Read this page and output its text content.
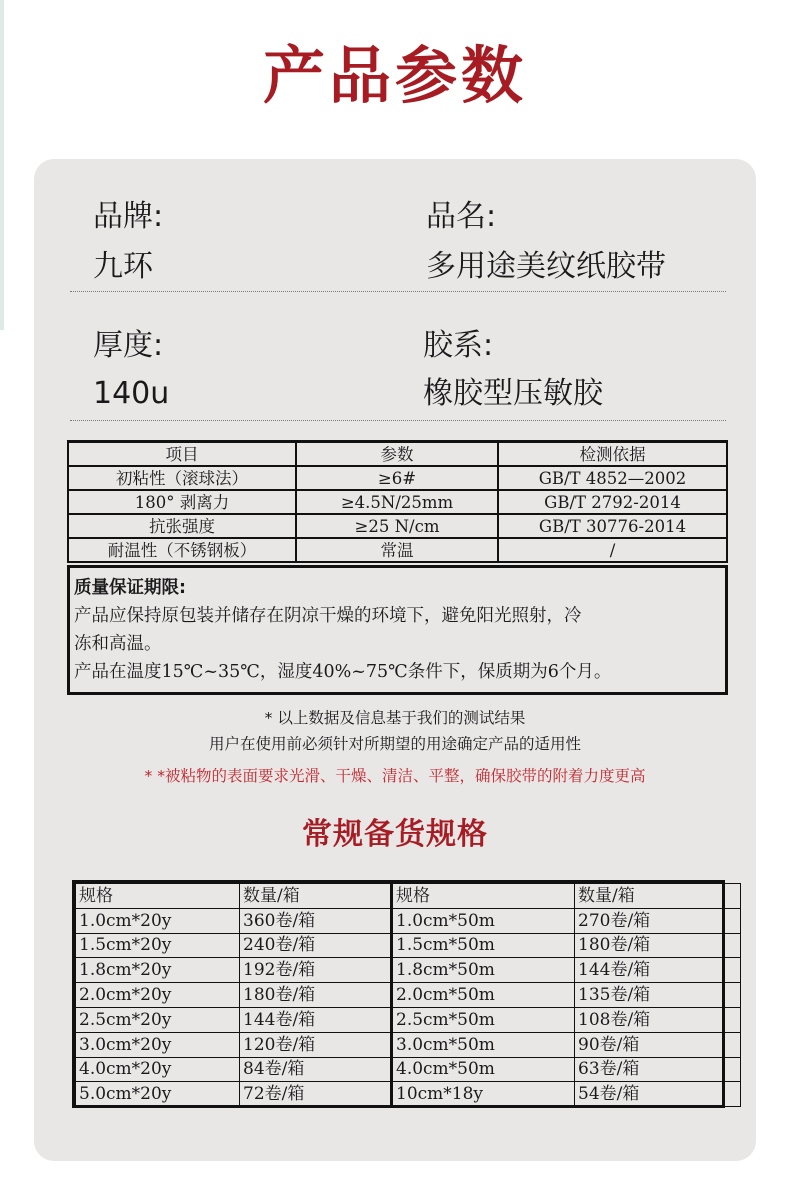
产品参数
品牌:	品名:
九环	多用途美纹纸胶带
厚度:	胶系:
140u	橡胶型压敏胶
项目	参数	检测依据
初粘性（滚球法）	≥6#	GB/T 4852—2002
180° 剥离力	≥4.5N/25mm	GB/T 2792-2014
抗张强度	≥25 N/cm	GB/T 30776-2014
耐温性（不锈钢板）	常温	/
质量保证期限:
产品应保持原包装并储存在阴凉干燥的环境下，避免阳光照射，冷
冻和高温。
产品在温度15℃~35℃，湿度40%~75℃条件下，保质期为6个月。
* 以上数据及信息基于我们的测试结果
用户在使用前必须针对所期望的用途确定产品的适用性
* *被粘物的表面要求光滑、干燥、清洁、平整，确保胶带的附着力度更高
常规备货规格
规格	数量/箱	规格	数量/箱
1.0cm*20y	360卷/箱	1.0cm*50m	270卷/箱
1.5cm*20y	240卷/箱	1.5cm*50m	180卷/箱
1.8cm*20y	192卷/箱	1.8cm*50m	144卷/箱
2.0cm*20y	180卷/箱	2.0cm*50m	135卷/箱
2.5cm*20y	144卷/箱	2.5cm*50m	108卷/箱
3.0cm*20y	120卷/箱	3.0cm*50m	90卷/箱
4.0cm*20y	84卷/箱	4.0cm*50m	63卷/箱
5.0cm*20y	72卷/箱	10cm*18y	54卷/箱
